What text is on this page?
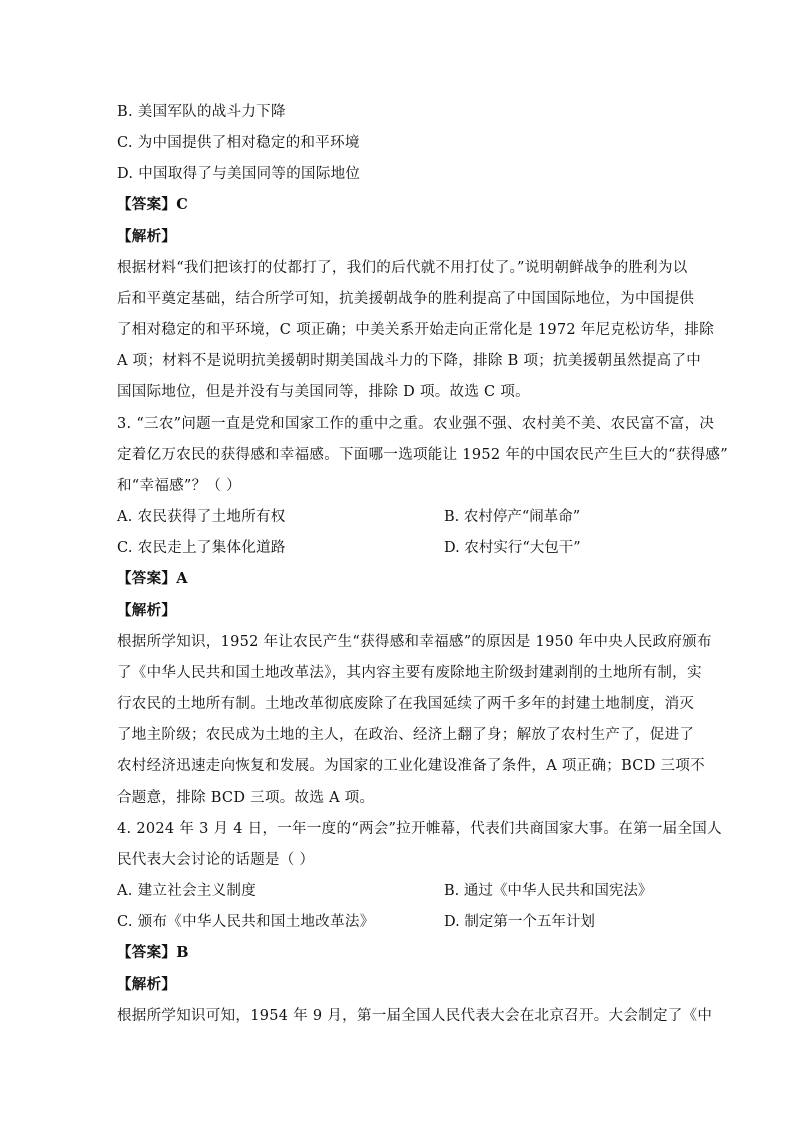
B. 美国军队的战斗力下降
C. 为中国提供了相对稳定的和平环境
D. 中国取得了与美国同等的国际地位
【答案】C
【解析】
根据材料“我们把该打的仗都打了，我们的后代就不用打仗了。”说明朝鲜战争的胜利为以
后和平奠定基础，结合所学可知，抗美援朝战争的胜利提高了中国国际地位，为中国提供
了相对稳定的和平环境，C 项正确；中美关系开始走向正常化是 1972 年尼克松访华，排除
A 项；材料不是说明抗美援朝时期美国战斗力的下降，排除 B 项；抗美援朝虽然提高了中
国国际地位，但是并没有与美国同等，排除 D 项。故选 C 项。
3. “三农”问题一直是党和国家工作的重中之重。农业强不强、农村美不美、农民富不富，决
定着亿万农民的获得感和幸福感。下面哪一选项能让 1952 年的中国农民产生巨大的“获得感”
和“幸福感”？（ ）
A. 农民获得了土地所有权	B. 农村停产“闹革命”
C. 农民走上了集体化道路	D. 农村实行“大包干”
【答案】A
【解析】
根据所学知识，1952 年让农民产生“获得感和幸福感”的原因是 1950 年中央人民政府颁布
了《中华人民共和国土地改革法》，其内容主要有废除地主阶级封建剥削的土地所有制，实
行农民的土地所有制。土地改革彻底废除了在我国延续了两千多年的封建土地制度，消灭
了地主阶级；农民成为土地的主人，在政治、经济上翻了身；解放了农村生产了，促进了
农村经济迅速走向恢复和发展。为国家的工业化建设准备了条件，A 项正确；BCD 三项不
合题意，排除 BCD 三项。故选 A 项。
4. 2024 年 3 月 4 日，一年一度的“两会”拉开帷幕，代表们共商国家大事。在第一届全国人
民代表大会讨论的话题是（ ）
A. 建立社会主义制度	B. 通过《中华人民共和国宪法》
C. 颁布《中华人民共和国土地改革法》	D. 制定第一个五年计划
【答案】B
【解析】
根据所学知识可知，1954 年 9 月，第一届全国人民代表大会在北京召开。大会制定了《中
